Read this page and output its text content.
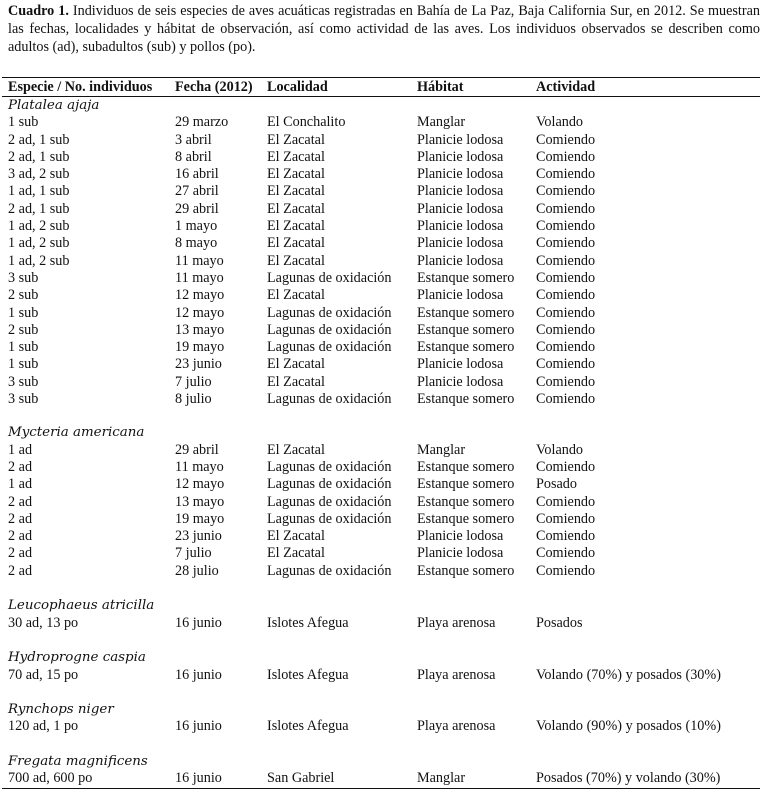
Cuadro 1. Individuos de seis especies de aves acuáticas registradas en Bahía de La Paz, Baja California Sur, en 2012. Se muestran las fechas, localidades y hábitat de observación, así como actividad de las aves. Los individuos observados se describen como adultos (ad), subadultos (sub) y pollos (po).
Especie / No. individuos	Fecha (2012)	Localidad	Hábitat	Actividad
Platalea ajaja
1 sub	29 marzo	El Conchalito	Manglar	Volando
2 ad, 1 sub	3 abril	El Zacatal	Planicie lodosa	Comiendo
2 ad, 1 sub	8 abril	El Zacatal	Planicie lodosa	Comiendo
3 ad, 2 sub	16 abril	El Zacatal	Planicie lodosa	Comiendo
1 ad, 1 sub	27 abril	El Zacatal	Planicie lodosa	Comiendo
2 ad, 1 sub	29 abril	El Zacatal	Planicie lodosa	Comiendo
1 ad, 2 sub	1 mayo	El Zacatal	Planicie lodosa	Comiendo
1 ad, 2 sub	8 mayo	El Zacatal	Planicie lodosa	Comiendo
1 ad, 2 sub	11 mayo	El Zacatal	Planicie lodosa	Comiendo
3 sub	11 mayo	Lagunas de oxidación	Estanque somero	Comiendo
2 sub	12 mayo	El Zacatal	Planicie lodosa	Comiendo
1 sub	12 mayo	Lagunas de oxidación	Estanque somero	Comiendo
2 sub	13 mayo	Lagunas de oxidación	Estanque somero	Comiendo
1 sub	19 mayo	Lagunas de oxidación	Estanque somero	Comiendo
1 sub	23 junio	El Zacatal	Planicie lodosa	Comiendo
3 sub	7 julio	El Zacatal	Planicie lodosa	Comiendo
3 sub	8 julio	Lagunas de oxidación	Estanque somero	Comiendo
Mycteria americana
1 ad	29 abril	El Zacatal	Manglar	Volando
2 ad	11 mayo	Lagunas de oxidación	Estanque somero	Comiendo
1 ad	12 mayo	Lagunas de oxidación	Estanque somero	Posado
2 ad	13 mayo	Lagunas de oxidación	Estanque somero	Comiendo
2 ad	19 mayo	Lagunas de oxidación	Estanque somero	Comiendo
2 ad	23 junio	El Zacatal	Planicie lodosa	Comiendo
2 ad	7 julio	El Zacatal	Planicie lodosa	Comiendo
2 ad	28 julio	Lagunas de oxidación	Estanque somero	Comiendo
Leucophaeus atricilla
30 ad, 13 po	16 junio	Islotes Afegua	Playa arenosa	Posados
Hydroprogne caspia
70 ad, 15 po	16 junio	Islotes Afegua	Playa arenosa	Volando (70%) y posados (30%)
Rynchops niger
120 ad, 1 po	16 junio	Islotes Afegua	Playa arenosa	Volando (90%) y posados (10%)
Fregata magnificens
700 ad, 600 po	16 junio	San Gabriel	Manglar	Posados (70%) y volando (30%)
